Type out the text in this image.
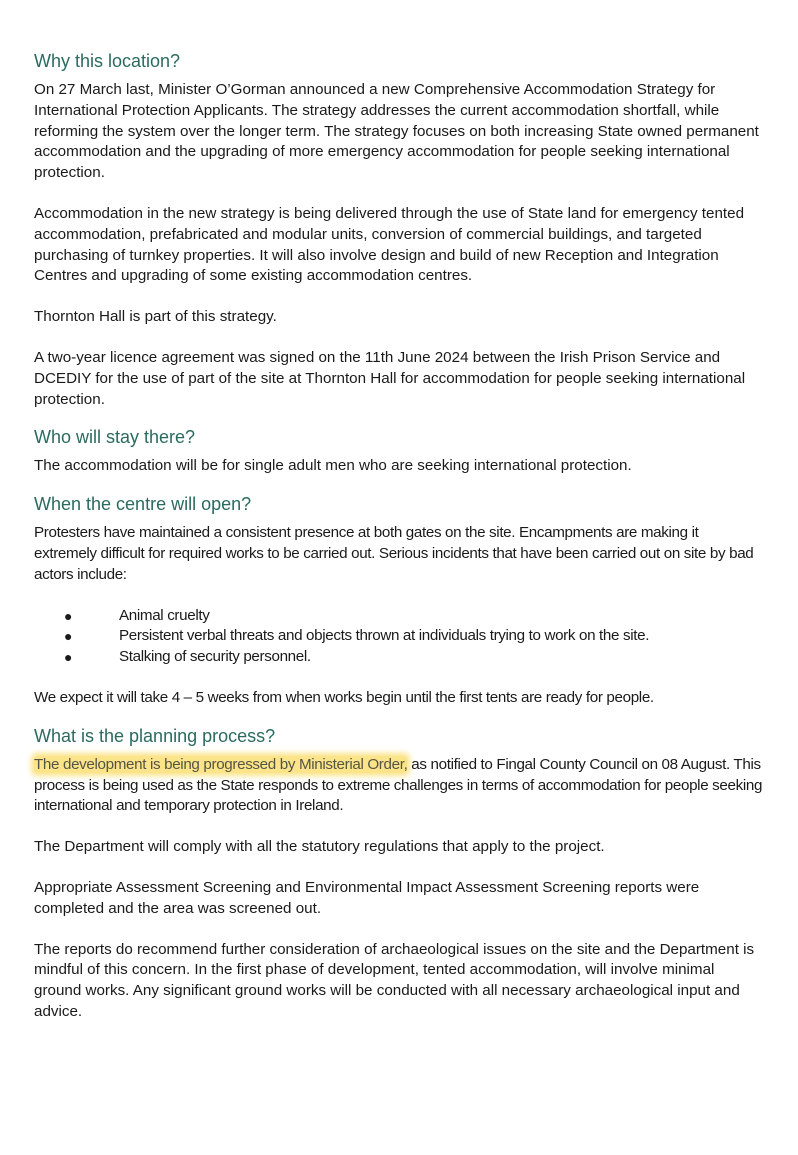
Why this location?

On 27 March last, Minister O’Gorman announced a new Comprehensive Accommodation Strategy for International Protection Applicants. The strategy addresses the current accommodation shortfall, while reforming the system over the longer term. The strategy focuses on both increasing State owned permanent accommodation and the upgrading of more emergency accommodation for people seeking international protection.

Accommodation in the new strategy is being delivered through the use of State land for emergency tented accommodation, prefabricated and modular units, conversion of commercial buildings, and targeted purchasing of turnkey properties. It will also involve design and build of new Reception and Integration Centres and upgrading of some existing accommodation centres.

Thornton Hall is part of this strategy.

A two-year licence agreement was signed on the 11th June 2024 between the Irish Prison Service and DCEDIY for the use of part of the site at Thornton Hall for accommodation for people seeking international protection.

Who will stay there?

The accommodation will be for single adult men who are seeking international protection.

When the centre will open?

Protesters have maintained a consistent presence at both gates on the site. Encampments are making it extremely difficult for required works to be carried out. Serious incidents that have been carried out on site by bad actors include:

●	Animal cruelty
●	Persistent verbal threats and objects thrown at individuals trying to work on the site.
●	Stalking of security personnel.

We expect it will take 4 – 5 weeks from when works begin until the first tents are ready for people.

What is the planning process?

The development is being progressed by Ministerial Order, as notified to Fingal County Council on 08 August. This process is being used as the State responds to extreme challenges in terms of accommodation for people seeking international and temporary protection in Ireland.

The Department will comply with all the statutory regulations that apply to the project.

Appropriate Assessment Screening and Environmental Impact Assessment Screening reports were completed and the area was screened out.

The reports do recommend further consideration of archaeological issues on the site and the Department is mindful of this concern. In the first phase of development, tented accommodation, will involve minimal ground works. Any significant ground works will be conducted with all necessary archaeological input and advice.
